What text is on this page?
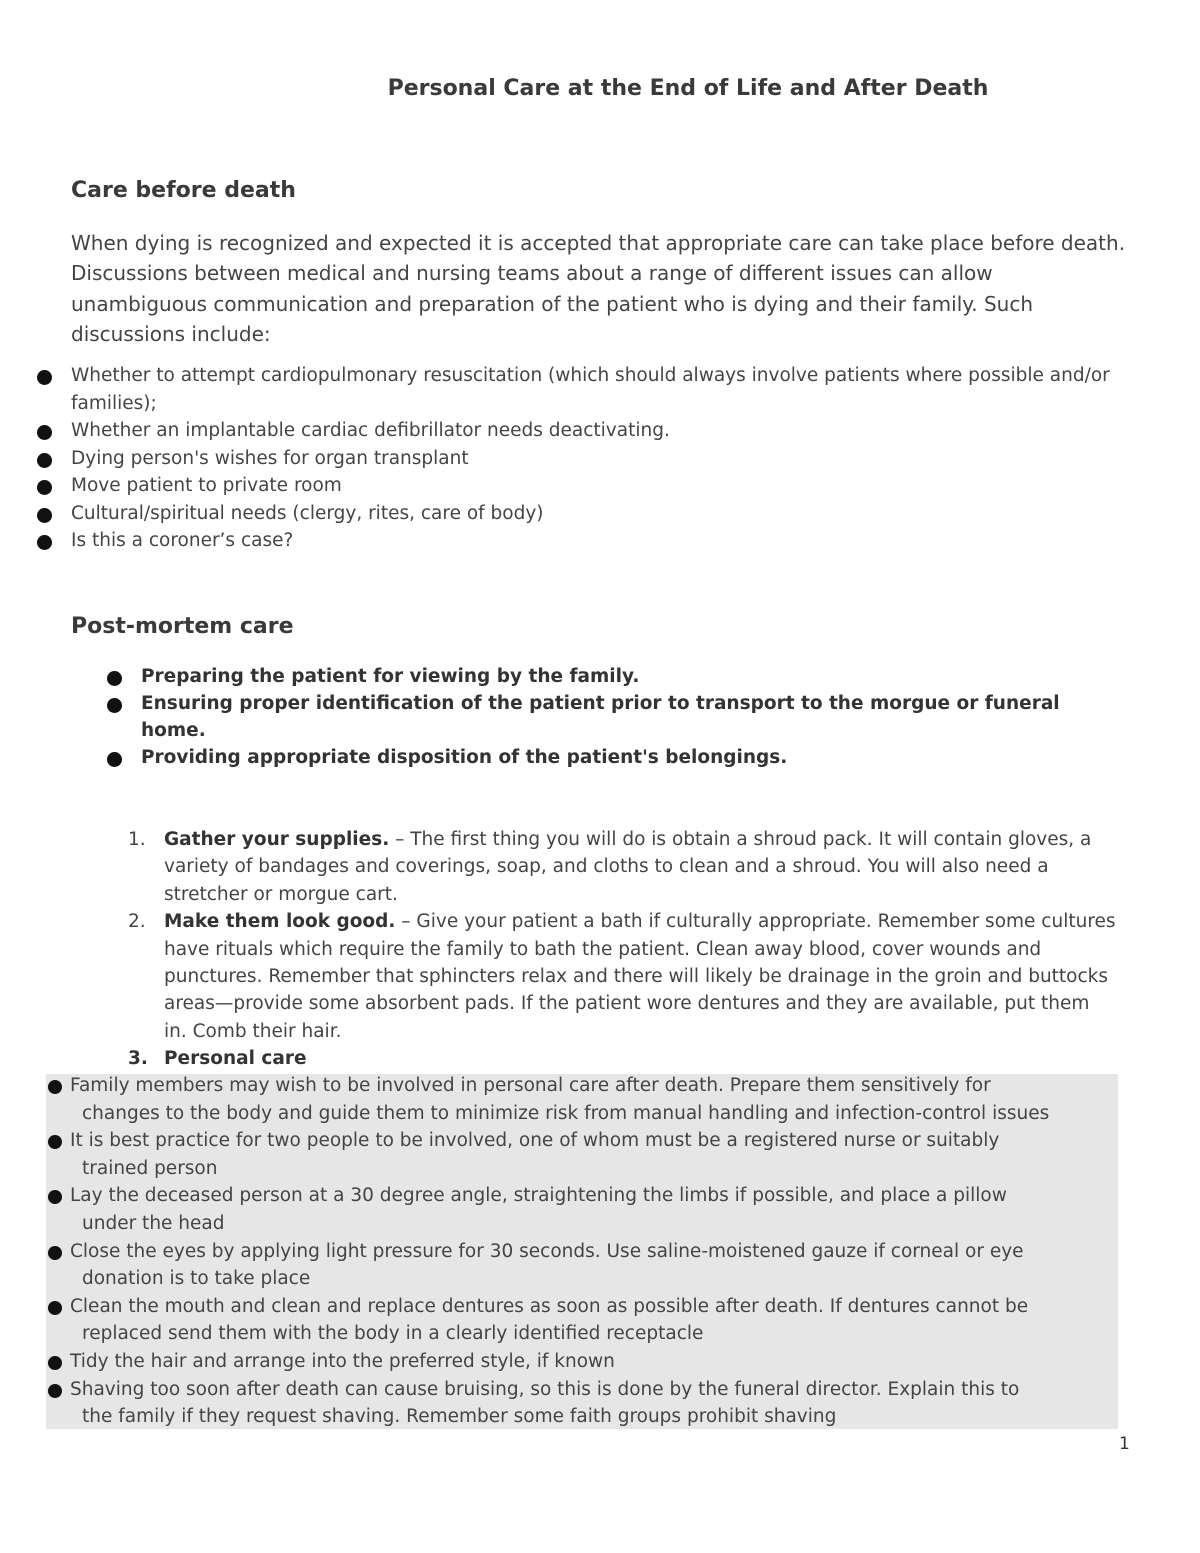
Personal Care at the End of Life and After Death
Care before death

When dying is recognized and expected it is accepted that appropriate care can take place before death. Discussions between medical and nursing teams about a range of different issues can allow unambiguous communication and preparation of the patient who is dying and their family. Such discussions include:

Whether to attempt cardiopulmonary resuscitation (which should always involve patients where possible and/or families);
Whether an implantable cardiac defibrillator needs deactivating.
Dying person's wishes for organ transplant
Move patient to private room
Cultural/spiritual needs (clergy, rites, care of body)
Is this a coroner’s case?
Post-mortem care
Preparing the patient for viewing by the family.
Ensuring proper identification of the patient prior to transport to the morgue or funeral home.
Providing appropriate disposition of the patient's belongings.
1. Gather your supplies. – The first thing you will do is obtain a shroud pack. It will contain gloves, a variety of bandages and coverings, soap, and cloths to clean and a shroud. You will also need a stretcher or morgue cart.
2. Make them look good. – Give your patient a bath if culturally appropriate. Remember some cultures have rituals which require the family to bath the patient. Clean away blood, cover wounds and punctures. Remember that sphincters relax and there will likely be drainage in the groin and buttocks areas—provide some absorbent pads. If the patient wore dentures and they are available, put them in. Comb their hair.
3. Personal care
Family members may wish to be involved in personal care after death. Prepare them sensitively for
changes to the body and guide them to minimize risk from manual handling and infection-control issues
It is best practice for two people to be involved, one of whom must be a registered nurse or suitably
trained person
Lay the deceased person at a 30 degree angle, straightening the limbs if possible, and place a pillow
under the head
Close the eyes by applying light pressure for 30 seconds. Use saline-moistened gauze if corneal or eye
donation is to take place
Clean the mouth and clean and replace dentures as soon as possible after death. If dentures cannot be
replaced send them with the body in a clearly identified receptacle
Tidy the hair and arrange into the preferred style, if known
Shaving too soon after death can cause bruising, so this is done by the funeral director. Explain this to
the family if they request shaving. Remember some faith groups prohibit shaving
1
